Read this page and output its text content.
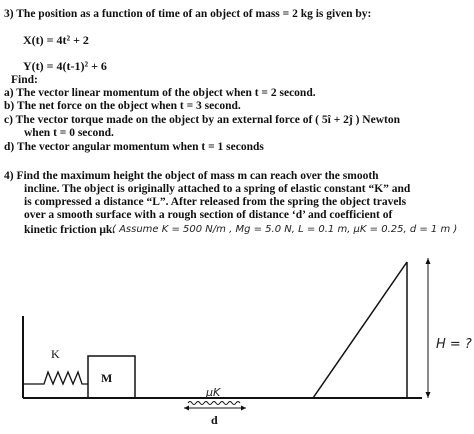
3) The position as a function of time of an object of mass = 2 kg is given by:
X(t) = 4t² + 2
Y(t) = 4(t-1)² + 6
Find:
a) The vector linear momentum of the object when t = 2 second.
b) The net force on the object when t = 3 second.
c) The vector torque made on the object by an external force of ( 5î + 2ĵ ) Newton
when t = 0 second.
d) The vector angular momentum when t = 1 seconds
4) Find the maximum height the object of mass m can reach over the smooth
incline. The object is originally attached to a spring of elastic constant “K” and
is compressed a distance “L”. After released from the spring the object travels
over a smooth surface with a rough section of distance ‘d’ and coefficient of
kinetic friction μk.
( Assume K = 500 N/m , Mg = 5.0 N, L = 0.1 m, μK = 0.25, d = 1 m )
K
M
μK
d
H = ?
